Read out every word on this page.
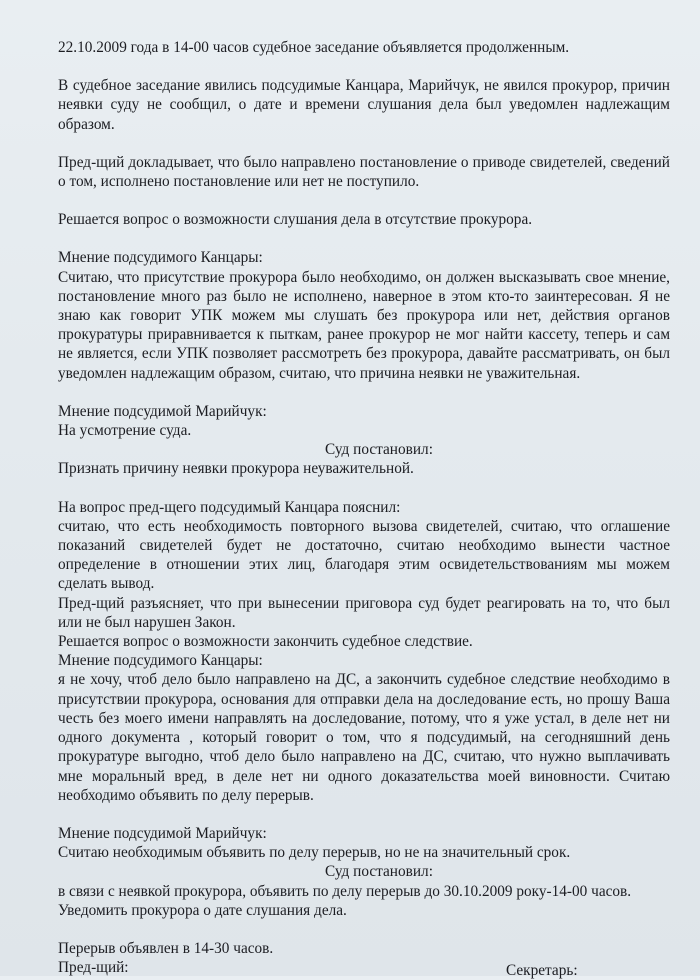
22.10.2009 года в 14-00 часов судебное заседание объявляется продолженным.

В судебное заседание явились подсудимые Канцара, Марийчук, не явился прокурор, причин неявки суду не сообщил, о дате и времени слушания дела был уведомлен надлежащим образом.

Пред-щий докладывает, что было направлено постановление о приводе свидетелей, сведений о том, исполнено постановление или нет не поступило.

Решается вопрос о возможности слушания дела в отсутствие прокурора.

Мнение подсудимого Канцары:

Считаю, что присутствие прокурора было необходимо, он должен высказывать свое мнение, постановление много раз было не исполнено, наверное в этом кто-то заинтересован. Я не знаю как говорит УПК можем мы слушать без прокурора или нет, действия органов прокуратуры приравнивается к пыткам, ранее прокурор не мог найти кассету, теперь и сам не является, если УПК позволяет рассмотреть без прокурора, давайте рассматривать, он был уведомлен надлежащим образом, считаю, что причина неявки не уважительная.

Мнение подсудимой Марийчук:

На усмотрение суда.

Суд постановил:

Признать причину неявки прокурора неуважительной.

На вопрос пред-щего подсудимый Канцара пояснил:

считаю, что есть необходимость повторного вызова свидетелей, считаю, что оглашение показаний свидетелей будет не достаточно, считаю необходимо вынести частное определение в отношении этих лиц, благодаря этим освидетельствованиям мы можем сделать вывод.

Пред-щий разъясняет, что при вынесении приговора суд будет реагировать на то, что был или не был нарушен Закон.

Решается вопрос о возможности закончить судебное следствие.

Мнение подсудимого Канцары:

я не хочу, чтоб дело было направлено на ДС, а закончить судебное следствие необходимо в присутствии прокурора, основания для отправки дела на доследование есть, но прошу Ваша честь без моего имени направлять на доследование, потому, что я уже устал, в деле нет ни одного документа , который говорит о том, что я подсудимый, на сегодняшний день прокуратуре выгодно, чтоб дело было направлено на ДС, считаю, что нужно выплачивать мне моральный вред, в деле нет ни одного доказательства моей виновности. Считаю необходимо объявить по делу перерыв.

Мнение подсудимой Марийчук:

Считаю необходимым объявить по делу перерыв, но не на значительный срок.

Суд постановил:

в связи с неявкой прокурора, объявить по делу перерыв до 30.10.2009 року-14-00 часов.

Уведомить прокурора о дате слушания дела.

Перерыв объявлен в 14-30 часов.

Пред-щий:	Секретарь:
